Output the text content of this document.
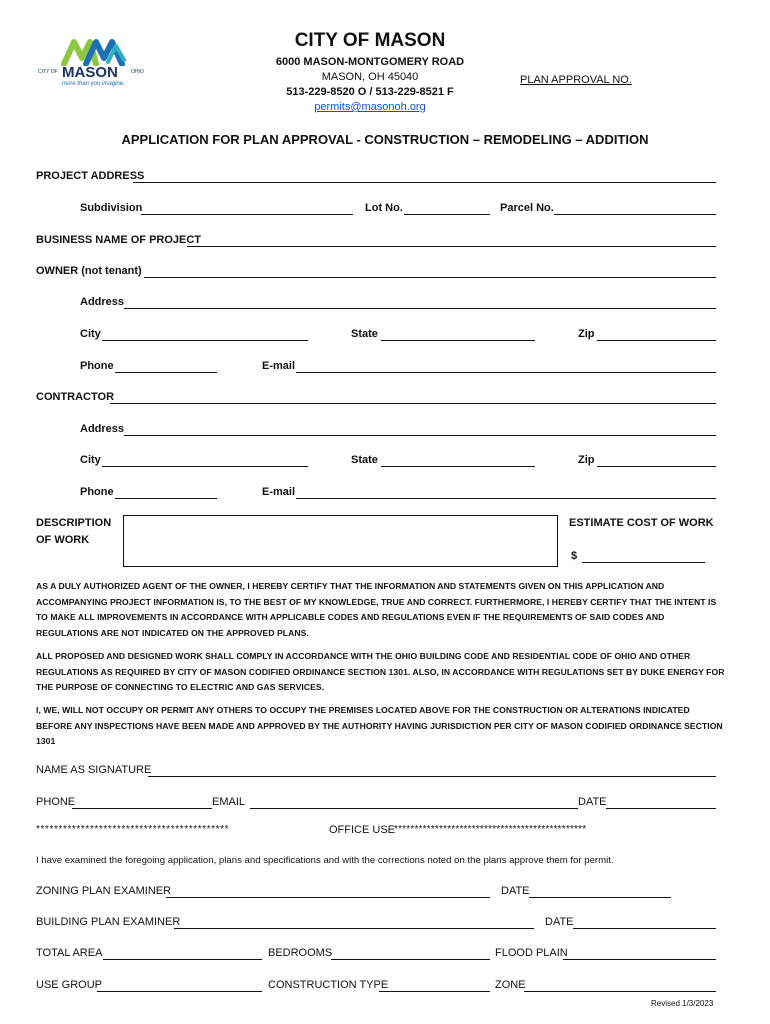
CITY OF MASON	OHIO
more than you imagine.
CITY OF MASON
6000 MASON-MONTGOMERY ROAD
MASON, OH 45040
513-229-8520 O / 513-229-8521 F
permits@masonoh.org
PLAN APPROVAL NO.
APPLICATION FOR PLAN APPROVAL - CONSTRUCTION – REMODELING – ADDITION
PROJECT ADDRESS
Subdivision	Lot No.	Parcel No.
BUSINESS NAME OF PROJECT
OWNER (not tenant)
Address
City	State	Zip
Phone	E-mail
CONTRACTOR
Address
City	State	Zip
Phone	E-mail
DESCRIPTION
OF WORK
ESTIMATE COST OF WORK
$
AS A DULY AUTHORIZED AGENT OF THE OWNER, I HEREBY CERTIFY THAT THE INFORMATION AND STATEMENTS GIVEN ON THIS APPLICATION AND ACCOMPANYING PROJECT INFORMATION IS, TO THE BEST OF MY KNOWLEDGE, TRUE AND CORRECT. FURTHERMORE, I HEREBY CERTIFY THAT THE INTENT IS TO MAKE ALL IMPROVEMENTS IN ACCORDANCE WITH APPLICABLE CODES AND REGULATIONS EVEN IF THE REQUIREMENTS OF SAID CODES AND REGULATIONS ARE NOT INDICATED ON THE APPROVED PLANS.
ALL PROPOSED AND DESIGNED WORK SHALL COMPLY IN ACCORDANCE WITH THE OHIO BUILDING CODE AND RESIDENTIAL CODE OF OHIO AND OTHER REGULATIONS AS REQUIRED BY CITY OF MASON CODIFIED ORDINANCE SECTION 1301. ALSO, IN ACCORDANCE WITH REGULATIONS SET BY DUKE ENERGY FOR THE PURPOSE OF CONNECTING TO ELECTRIC AND GAS SERVICES.
I, WE, WILL NOT OCCUPY OR PERMIT ANY OTHERS TO OCCUPY THE PREMISES LOCATED ABOVE FOR THE CONSTRUCTION OR ALTERATIONS INDICATED BEFORE ANY INSPECTIONS HAVE BEEN MADE AND APPROVED BY THE AUTHORITY HAVING JURISDICTION PER CITY OF MASON CODIFIED ORDINANCE SECTION 1301
NAME AS SIGNATURE
PHONE	EMAIL	DATE
*******************************************	OFFICE USE
***********************************************
I have examined the foregoing application, plans and specifications and with the corrections noted on the plans approve them for permit.
ZONING PLAN EXAMINER	DATE
BUILDING PLAN EXAMINER	DATE
TOTAL AREA	BEDROOMS	FLOOD PLAIN
USE GROUP	CONSTRUCTION TYPE	ZONE
Revised 1/3/2023
